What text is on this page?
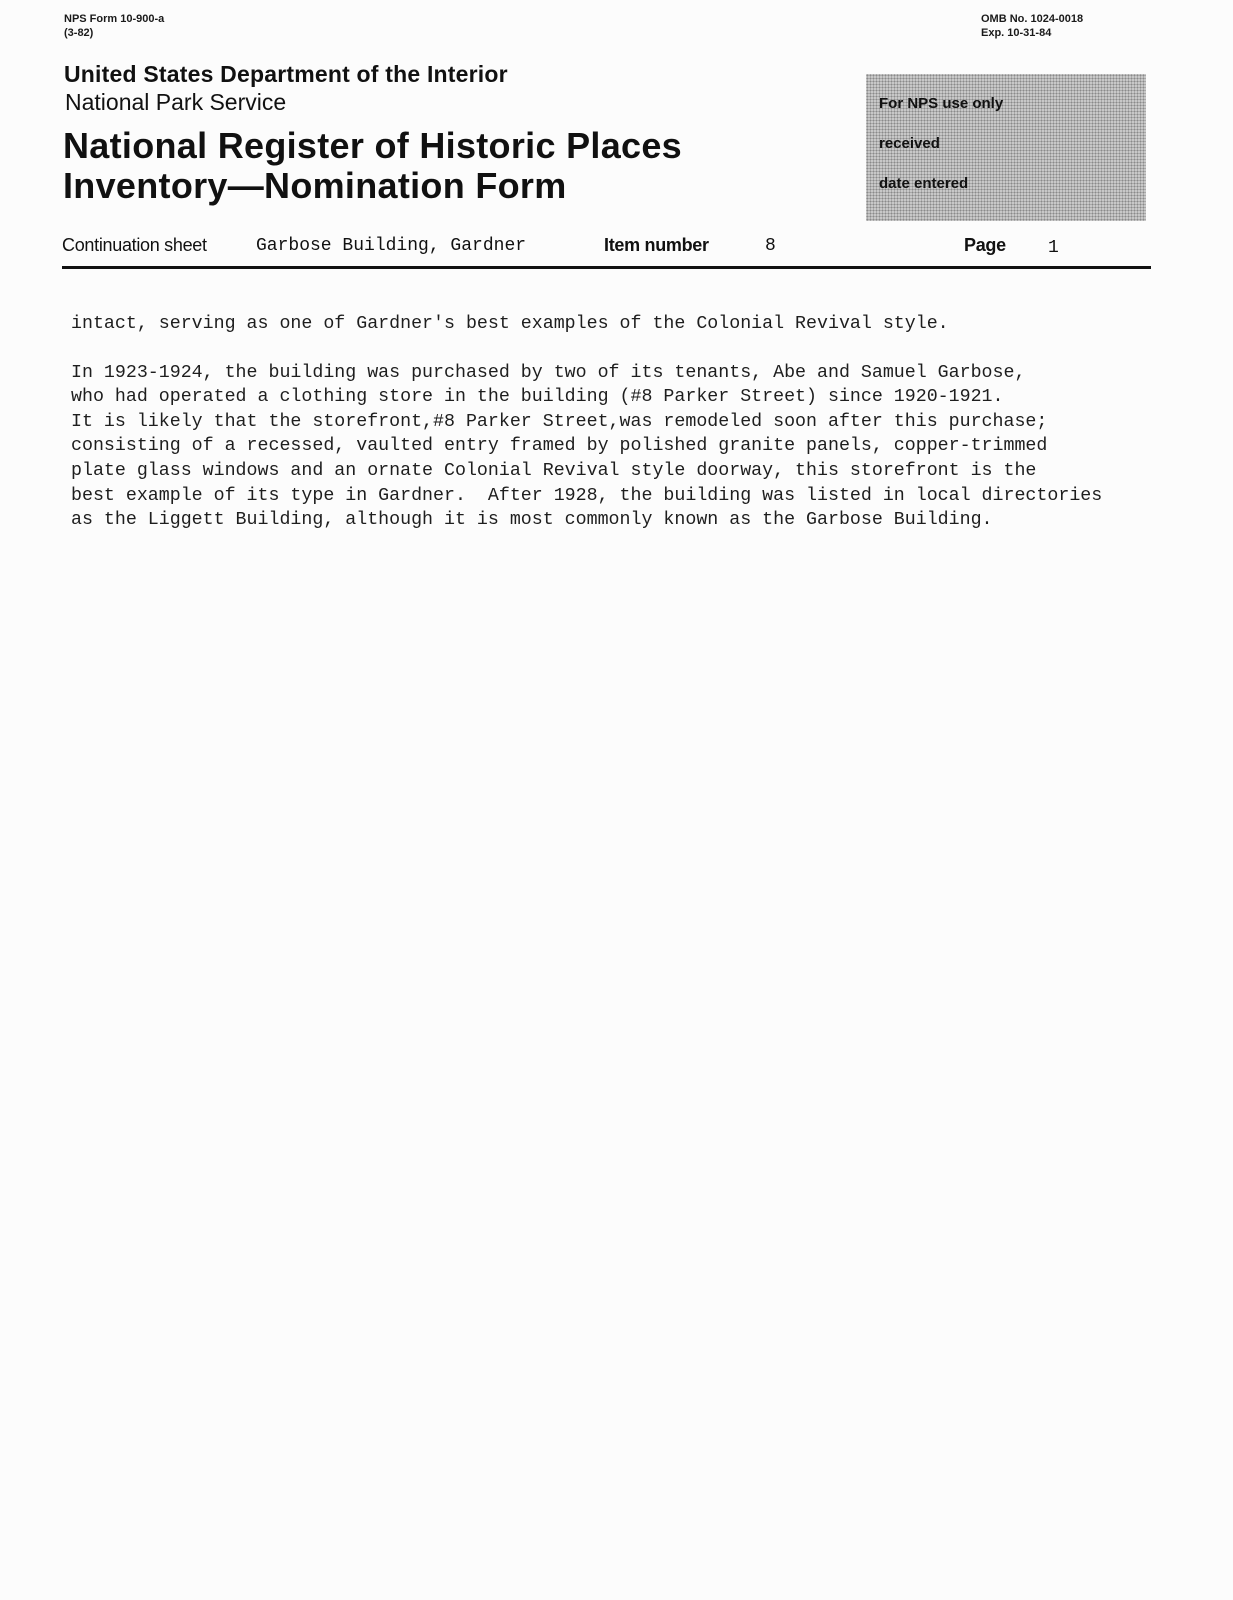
NPS Form 10-900-a
(3-82)
OMB No. 1024-0018
Exp. 10-31-84
United States Department of the Interior
National Park Service
National Register of Historic Places
Inventory—Nomination Form
For NPS use only
received
date entered
Continuation sheet	Garbose Building, Gardner	Item number	8	Page 1
intact, serving as one of Gardner's best examples of the Colonial Revival style.
In 1923-1924, the building was purchased by two of its tenants, Abe and Samuel Garbose,
who had operated a clothing store in the building (#8 Parker Street) since 1920-1921.
It is likely that the storefront,#8 Parker Street,was remodeled soon after this purchase;
consisting of a recessed, vaulted entry framed by polished granite panels, copper-trimmed
plate glass windows and an ornate Colonial Revival style doorway, this storefront is the
best example of its type in Gardner.  After 1928, the building was listed in local directories
as the Liggett Building, although it is most commonly known as the Garbose Building.
